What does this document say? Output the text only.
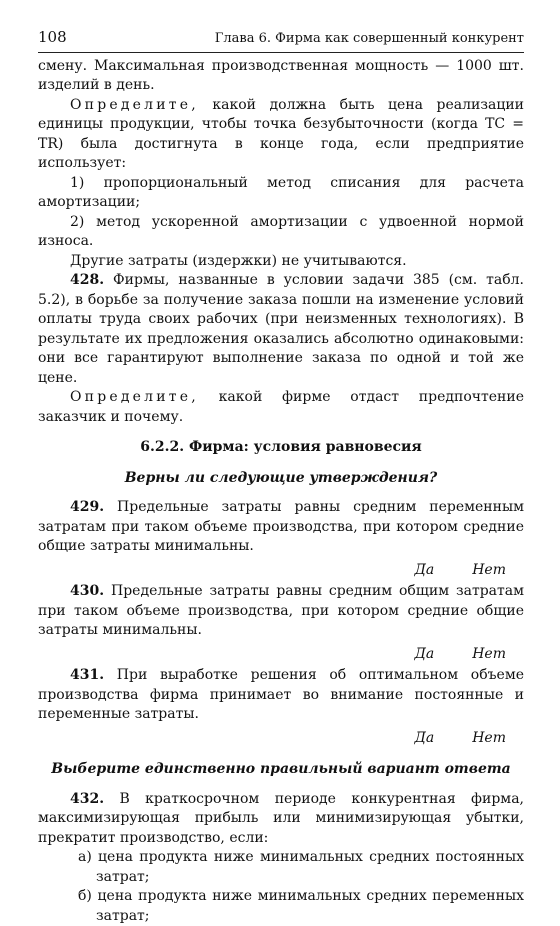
108	Глава 6. Фирма как совершенный конкурент

смену. Максимальная производственная мощность — 1000 шт. изделий в день.

Определите, какой должна быть цена реализации единицы продукции, чтобы точка безубыточности (когда TC = TR) была достигнута в конце года, если предприятие использует:

1) пропорциональный метод списания для расчета амортизации;

2) метод ускоренной амортизации с удвоенной нормой износа.

Другие затраты (издержки) не учитываются.

428. Фирмы, названные в условии задачи 385 (см. табл. 5.2), в борьбе за получение заказа пошли на изменение условий оплаты труда своих рабочих (при неизменных технологиях). В результате их предложения оказались абсолютно одинаковыми: они все гарантируют выполнение заказа по одной и той же цене.

Определите, какой фирме отдаст предпочтение заказчик и почему.

6.2.2. Фирма: условия равновесия
Верны ли следующие утверждения?

429. Предельные затраты равны средним переменным затратам при таком объеме производства, при котором средние общие затраты минимальны.

Да	Нет

430. Предельные затраты равны средним общим затратам при таком объеме производства, при котором средние общие затраты минимальны.

Да	Нет

431. При выработке решения об оптимальном объеме производства фирма принимает во внимание постоянные и переменные затраты.

Да	Нет
Выберите единственно правильный вариант ответа

432. В краткосрочном периоде конкурентная фирма, максимизирующая прибыль или минимизирующая убытки, прекратит производство, если:

а) цена продукта ниже минимальных средних постоянных затрат;

б) цена продукта ниже минимальных средних переменных затрат;
